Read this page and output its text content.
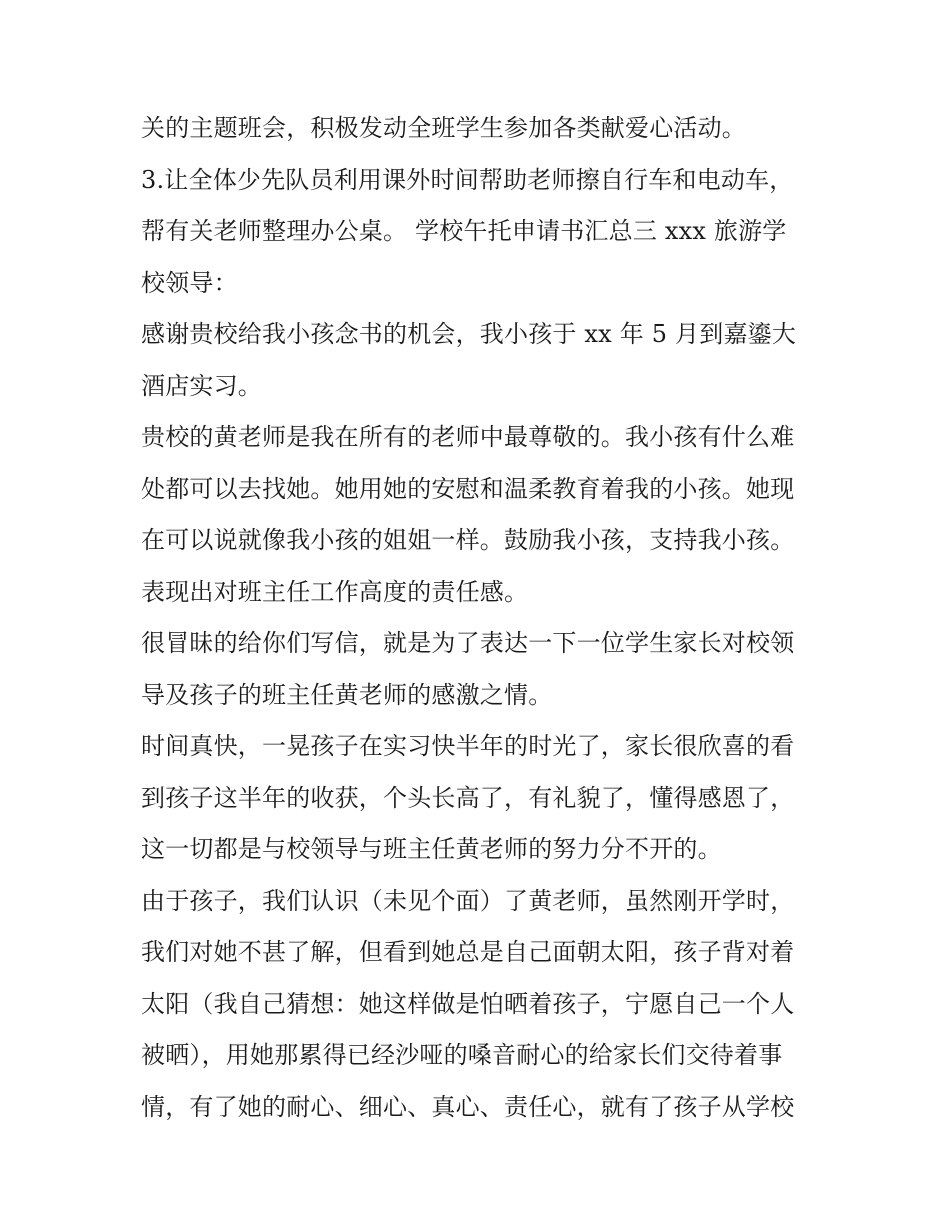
关的主题班会，积极发动全班学生参加各类献爱心活动。
3.让全体少先队员利用课外时间帮助老师擦自行车和电动车，
帮有关老师整理办公桌。 学校午托申请书汇总三 xxx 旅游学
校领导：
感谢贵校给我小孩念书的机会，我小孩于 xx 年 5 月到嘉鎏大
酒店实习。
贵校的黄老师是我在所有的老师中最尊敬的。我小孩有什么难
处都可以去找她。她用她的安慰和温柔教育着我的小孩。她现
在可以说就像我小孩的姐姐一样。鼓励我小孩，支持我小孩。
表现出对班主任工作高度的责任感。
很冒昧的给你们写信，就是为了表达一下一位学生家长对校领
导及孩子的班主任黄老师的感激之情。
时间真快，一晃孩子在实习快半年的时光了，家长很欣喜的看
到孩子这半年的收获，个头长高了，有礼貌了，懂得感恩了，
这一切都是与校领导与班主任黄老师的努力分不开的。
由于孩子，我们认识（未见个面）了黄老师，虽然刚开学时，
我们对她不甚了解，但看到她总是自己面朝太阳，孩子背对着
太阳（我自己猜想：她这样做是怕晒着孩子，宁愿自己一个人
被晒），用她那累得已经沙哑的嗓音耐心的给家长们交待着事
情，有了她的耐心、细心、真心、责任心，就有了孩子从学校
